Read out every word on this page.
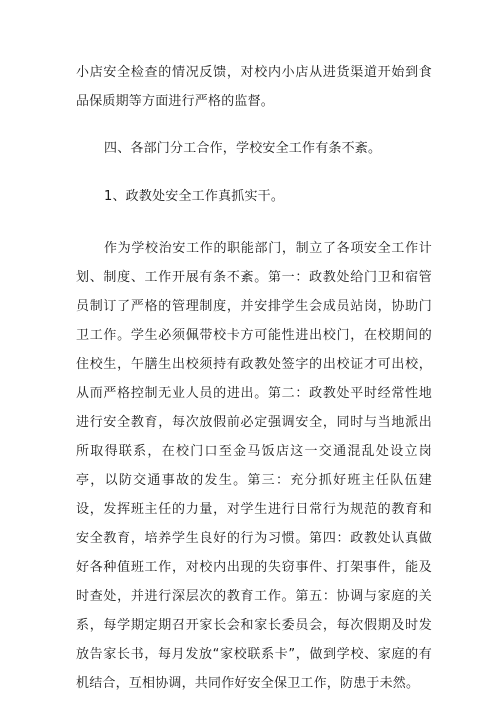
小店安全检查的情况反馈，对校内小店从进货渠道开始到食品保质期等方面进行严格的监督。

四、各部门分工合作，学校安全工作有条不紊。

1、政教处安全工作真抓实干。

作为学校治安工作的职能部门，制立了各项安全工作计划、制度、工作开展有条不紊。第一：政教处给门卫和宿管员制订了严格的管理制度，并安排学生会成员站岗，协助门卫工作。学生必须佩带校卡方可能性进出校门，在校期间的住校生，午膳生出校须持有政教处签字的出校证才可出校，从而严格控制无业人员的进出。第二：政教处平时经常性地进行安全教育，每次放假前必定强调安全，同时与当地派出所取得联系，在校门口至金马饭店这一交通混乱处设立岗亭，以防交通事故的发生。第三：充分抓好班主任队伍建设，发挥班主任的力量，对学生进行日常行为规范的教育和安全教育，培养学生良好的行为习惯。第四：政教处认真做好各种值班工作，对校内出现的失窃事件、打架事件，能及时查处，并进行深层次的教育工作。第五：协调与家庭的关系，每学期定期召开家长会和家长委员会，每次假期及时发放告家长书，每月发放“家校联系卡”，做到学校、家庭的有机结合，互相协调，共同作好安全保卫工作，防患于未然。
